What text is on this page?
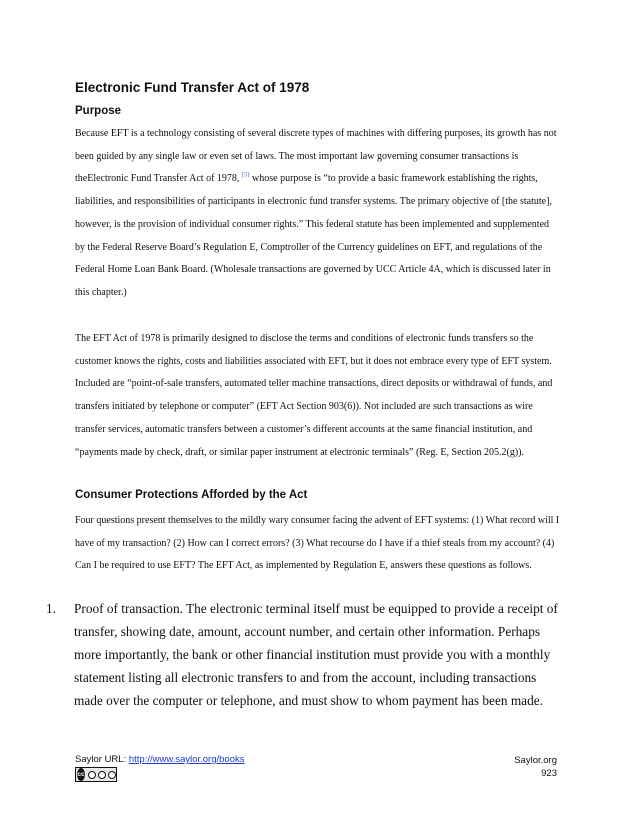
Electronic Fund Transfer Act of 1978
Purpose

Because EFT is a technology consisting of several discrete types of machines with differing purposes, its growth has not been guided by any single law or even set of laws. The most important law governing consumer transactions is theElectronic Fund Transfer Act of 1978, [5] whose purpose is “to provide a basic framework establishing the rights, liabilities, and responsibilities of participants in electronic fund transfer systems. The primary objective of [the statute], however, is the provision of individual consumer rights.” This federal statute has been implemented and supplemented by the Federal Reserve Board’s Regulation E, Comptroller of the Currency guidelines on EFT, and regulations of the Federal Home Loan Bank Board. (Wholesale transactions are governed by UCC Article 4A, which is discussed later in this chapter.)

The EFT Act of 1978 is primarily designed to disclose the terms and conditions of electronic funds transfers so the customer knows the rights, costs and liabilities associated with EFT, but it does not embrace every type of EFT system. Included are “point-of-sale transfers, automated teller machine transactions, direct deposits or withdrawal of funds, and transfers initiated by telephone or computer” (EFT Act Section 903(6)). Not included are such transactions as wire transfer services, automatic transfers between a customer’s different accounts at the same financial institution, and “payments made by check, draft, or similar paper instrument at electronic terminals” (Reg. E, Section 205.2(g)).

Consumer Protections Afforded by the Act

Four questions present themselves to the mildly wary consumer facing the advent of EFT systems: (1) What record will I have of my transaction? (2) How can I correct errors? (3) What recourse do I have if a thief steals from my account? (4) Can I be required to use EFT? The EFT Act, as implemented by Regulation E, answers these questions as follows.

1.	Proof of transaction. The electronic terminal itself must be equipped to provide a receipt of transfer, showing date, amount, account number, and certain other information. Perhaps more importantly, the bank or other financial institution must provide you with a monthly statement listing all electronic transfers to and from the account, including transactions made over the computer or telephone, and must show to whom payment has been made.
Saylor URL: http://www.saylor.org/books
cc
Saylor.org
923
